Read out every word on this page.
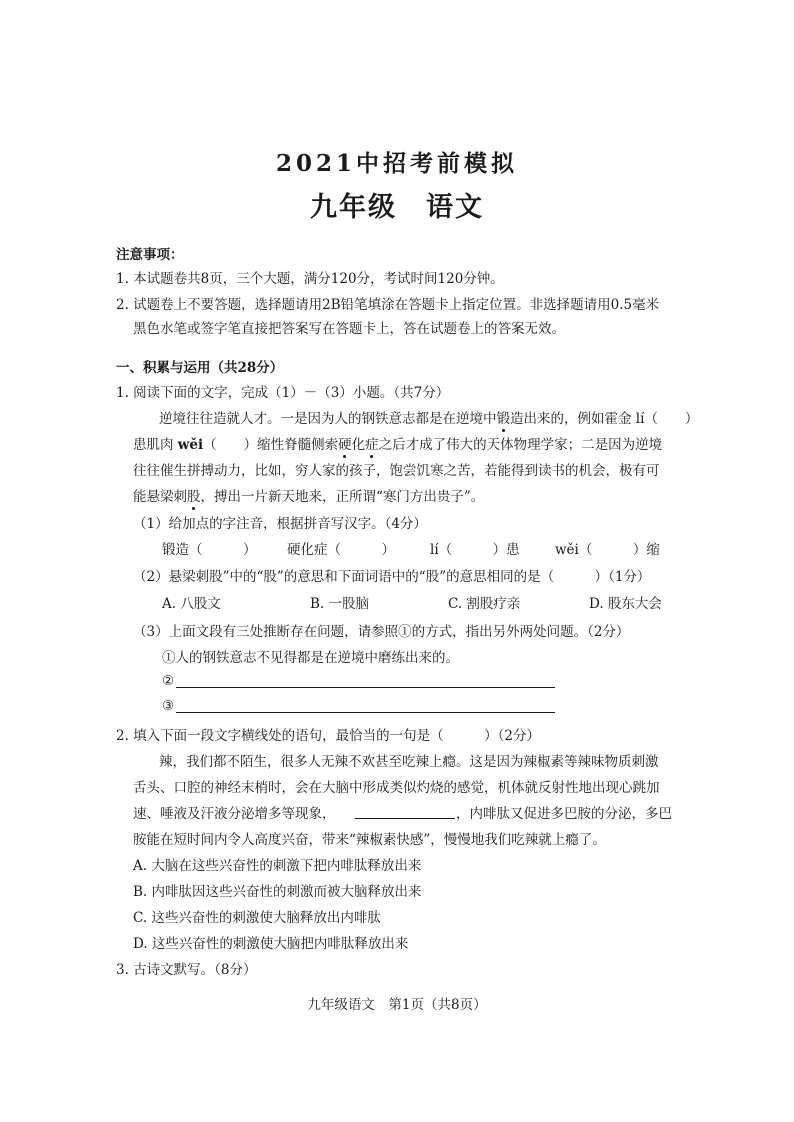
2021中招考前模拟
九年级　语文
注意事项：
1. 本试题卷共8页，三个大题，满分120分，考试时间120分钟。
2. 试题卷上不要答题，选择题请用2B铅笔填涂在答题卡上指定位置。非选择题请用0.5毫米
黑色水笔或签字笔直接把答案写在答题卡上，答在试题卷上的答案无效。
一、积累与运用（共28分）
1. 阅读下面的文字，完成（1）－（3）小题。（共7分）
逆境往往造就人才。一是因为人的钢铁意志都是在逆境中锻造出来的，例如霍金 lí（　　）
患肌肉 wěi（　　）缩性脊髓侧索硬化症之后才成了伟大的天体物理学家；二是因为逆境
往往催生拼搏动力，比如，穷人家的孩子，饱尝饥寒之苦，若能得到读书的机会，极有可
能悬梁刺股，搏出一片新天地来，正所谓“寒门方出贵子”。
（1）给加点的字注音，根据拼音写汉字。（4分）
锻造（　　　） 硬化症（　　　）	lí（　　　）患	wěi（　　　）缩
（2）悬梁刺股”中的“股”的意思和下面词语中的“股”的意思相同的是（　　　）（1分）
A. 八股文	B. 一股脑	C. 割股疗亲	D. 股东大会
（3）上面文段有三处推断存在问题，请参照①的方式，指出另外两处问题。（2分）
①人的钢铁意志不见得都是在逆境中磨练出来的。
②
③
2. 填入下面一段文字横线处的语句，最恰当的一句是（　　　）（2分）
辣，我们都不陌生，很多人无辣不欢甚至吃辣上瘾。这是因为辣椒素等辣味物质刺激
舌头、口腔的神经末梢时，会在大脑中形成类似灼烧的感觉，机体就反射性地出现心跳加
速、唾液及汗液分泌增多等现象，	，内啡肽又促进多巴胺的分泌，多巴
胺能在短时间内令人高度兴奋，带来“辣椒素快感”，慢慢地我们吃辣就上瘾了。
A. 大脑在这些兴奋性的刺激下把内啡肽释放出来
B. 内啡肽因这些兴奋性的刺激而被大脑释放出来
C. 这些兴奋性的刺激使大脑释放出内啡肽
D. 这些兴奋性的刺激使大脑把内啡肽释放出来
3. 古诗文默写。（8分）
九年级语文　第1页（共8页）
